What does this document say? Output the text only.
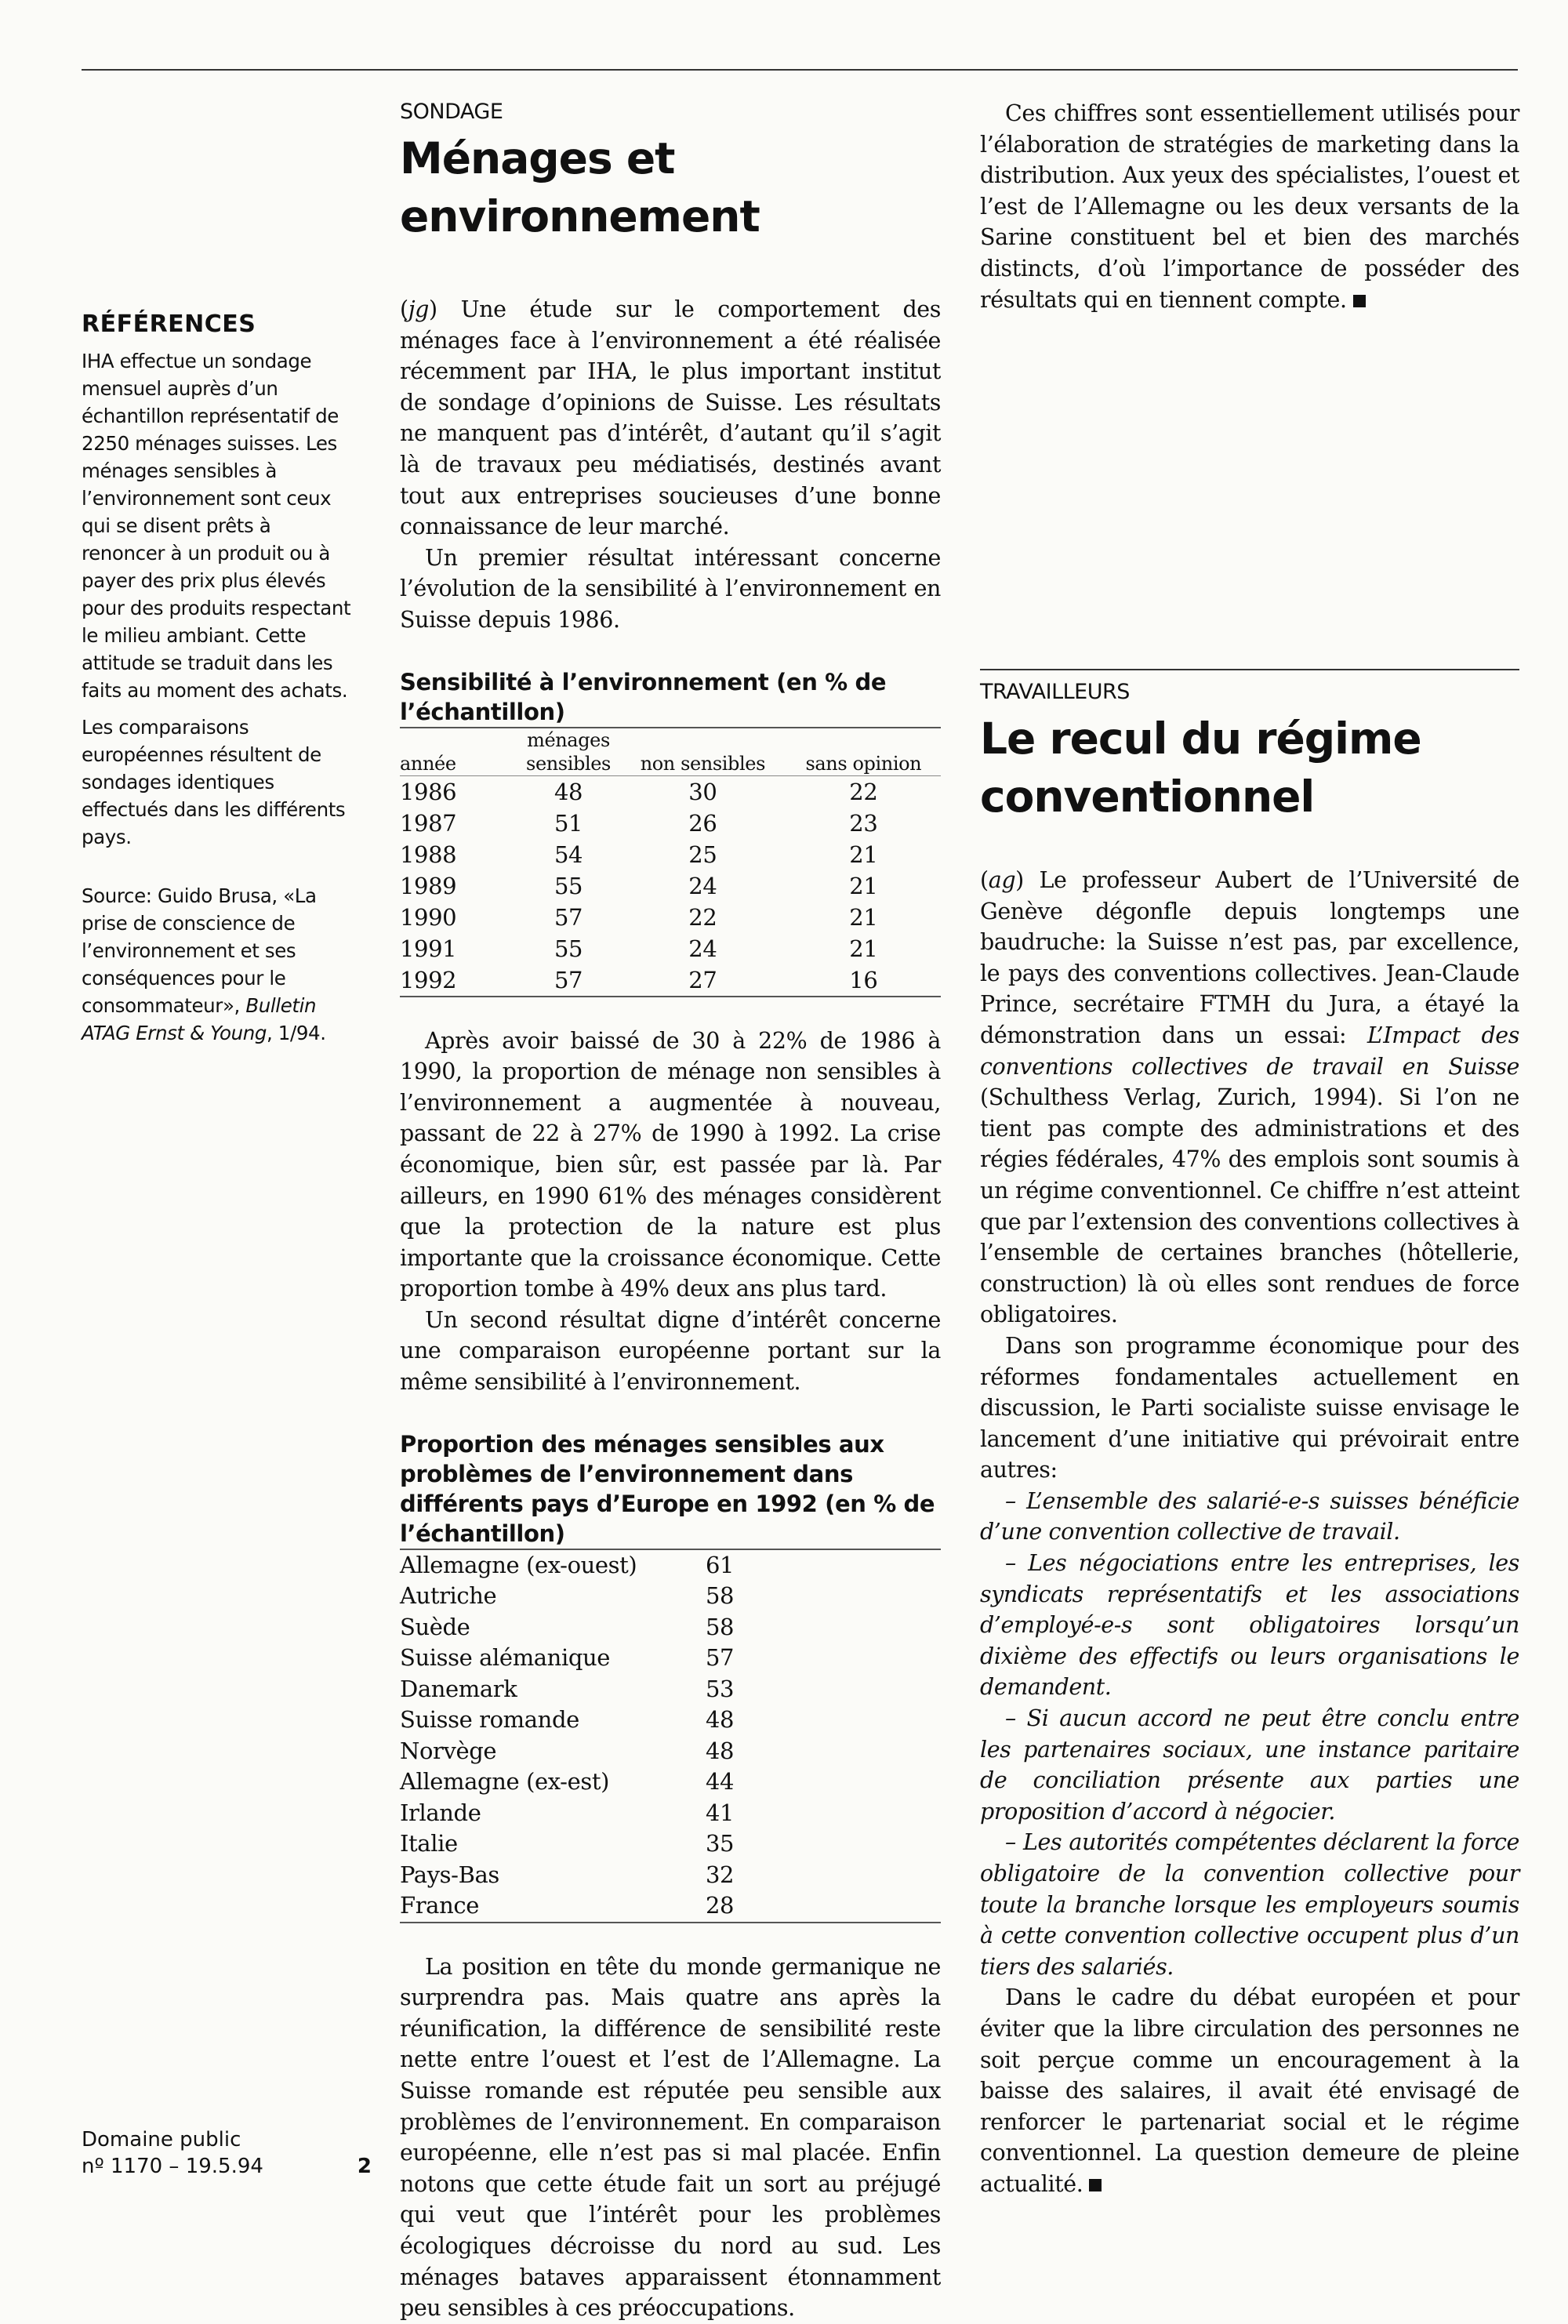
RÉFÉRENCES

IHA effectue un sondage mensuel auprès d’un échantillon représentatif de 2250 ménages suisses. Les ménages sensibles à l’environnement sont ceux qui se disent prêts à renoncer à un produit ou à payer des prix plus élevés pour des produits respectant le milieu ambiant. Cette attitude se traduit dans les faits au moment des achats.

Les comparaisons européennes résultent de sondages identiques effectués dans les différents pays.

Source: Guido Brusa, «La prise de conscience de l’environnement et ses conséquences pour le consommateur», Bulletin ATAG Ernst & Young, 1/94.

Domaine public
nº 1170 – 19.5.94	2
SONDAGE
Ménages et environnement

(jg) Une étude sur le comportement des ménages face à l’environnement a été réalisée récemment par IHA, le plus important institut de sondage d’opinions de Suisse. Les résultats ne manquent pas d’intérêt, d’autant qu’il s’agit là de travaux peu médiatisés, destinés avant tout aux entreprises soucieuses d’une bonne connaissance de leur marché.

Un premier résultat intéressant concerne l’évolution de la sensibilité à l’environnement en Suisse depuis 1986.

Sensibilité à l’environnement (en % de l’échantillon)
année	ménages sensibles	non sensibles	sans opinion
1986	48	30	22
1987	51	26	23
1988	54	25	21
1989	55	24	21
1990	57	22	21
1991	55	24	21
1992	57	27	16

Après avoir baissé de 30 à 22% de 1986 à 1990, la proportion de ménage non sensibles à l’environnement a augmentée à nouveau, passant de 22 à 27% de 1990 à 1992. La crise économique, bien sûr, est passée par là. Par ailleurs, en 1990 61% des ménages considèrent que la protection de la nature est plus importante que la croissance économique. Cette proportion tombe à 49% deux ans plus tard.

Un second résultat digne d’intérêt concerne une comparaison européenne portant sur la même sensibilité à l’environnement.

Proportion des ménages sensibles aux problèmes de l’environnement dans différents pays d’Europe en 1992 (en % de l’échantillon)
Allemagne (ex-ouest)	61
Autriche	58
Suède	58
Suisse alémanique	57
Danemark	53
Suisse romande	48
Norvège	48
Allemagne (ex-est)	44
Irlande	41
Italie	35
Pays-Bas	32
France	28

La position en tête du monde germanique ne surprendra pas. Mais quatre ans après la réunification, la différence de sensibilité reste nette entre l’ouest et l’est de l’Allemagne. La Suisse romande est réputée peu sensible aux problèmes de l’environnement. En comparaison européenne, elle n’est pas si mal placée. Enfin notons que cette étude fait un sort au préjugé qui veut que l’intérêt pour les problèmes écologiques décroisse du nord au sud. Les ménages bataves apparaissent étonnamment peu sensibles à ces préoccupations.

Ces chiffres sont essentiellement utilisés pour l’élaboration de stratégies de marketing dans la distribution. Aux yeux des spécialistes, l’ouest et l’est de l’Allemagne ou les deux versants de la Sarine constituent bel et bien des marchés distincts, d’où l’importance de posséder des résultats qui en tiennent compte.

TRAVAILLEURS
Le recul du régime conventionnel

(ag) Le professeur Aubert de l’Université de Genève dégonfle depuis longtemps une baudruche: la Suisse n’est pas, par excellence, le pays des conventions collectives. Jean-Claude Prince, secrétaire FTMH du Jura, a étayé la démonstration dans un essai: L’Impact des conventions collectives de travail en Suisse (Schulthess Verlag, Zurich, 1994). Si l’on ne tient pas compte des administrations et des régies fédérales, 47% des emplois sont soumis à un régime conventionnel. Ce chiffre n’est atteint que par l’extension des conventions collectives à l’ensemble de certaines branches (hôtellerie, construction) là où elles sont rendues de force obligatoires.

Dans son programme économique pour des réformes fondamentales actuellement en discussion, le Parti socialiste suisse envisage le lancement d’une initiative qui prévoirait entre autres:

– L’ensemble des salarié-e-s suisses bénéficie d’une convention collective de travail.

– Les négociations entre les entreprises, les syndicats représentatifs et les associations d’employé-e-s sont obligatoires lorsqu’un dixième des effectifs ou leurs organisations le demandent.

– Si aucun accord ne peut être conclu entre les partenaires sociaux, une instance paritaire de conciliation présente aux parties une proposition d’accord à négocier.

– Les autorités compétentes déclarent la force obligatoire de la convention collective pour toute la branche lorsque les employeurs soumis à cette convention collective occupent plus d’un tiers des salariés.

Dans le cadre du débat européen et pour éviter que la libre circulation des personnes ne soit perçue comme un encouragement à la baisse des salaires, il avait été envisagé de renforcer le partenariat social et le régime conventionnel. La question demeure de pleine actualité.
